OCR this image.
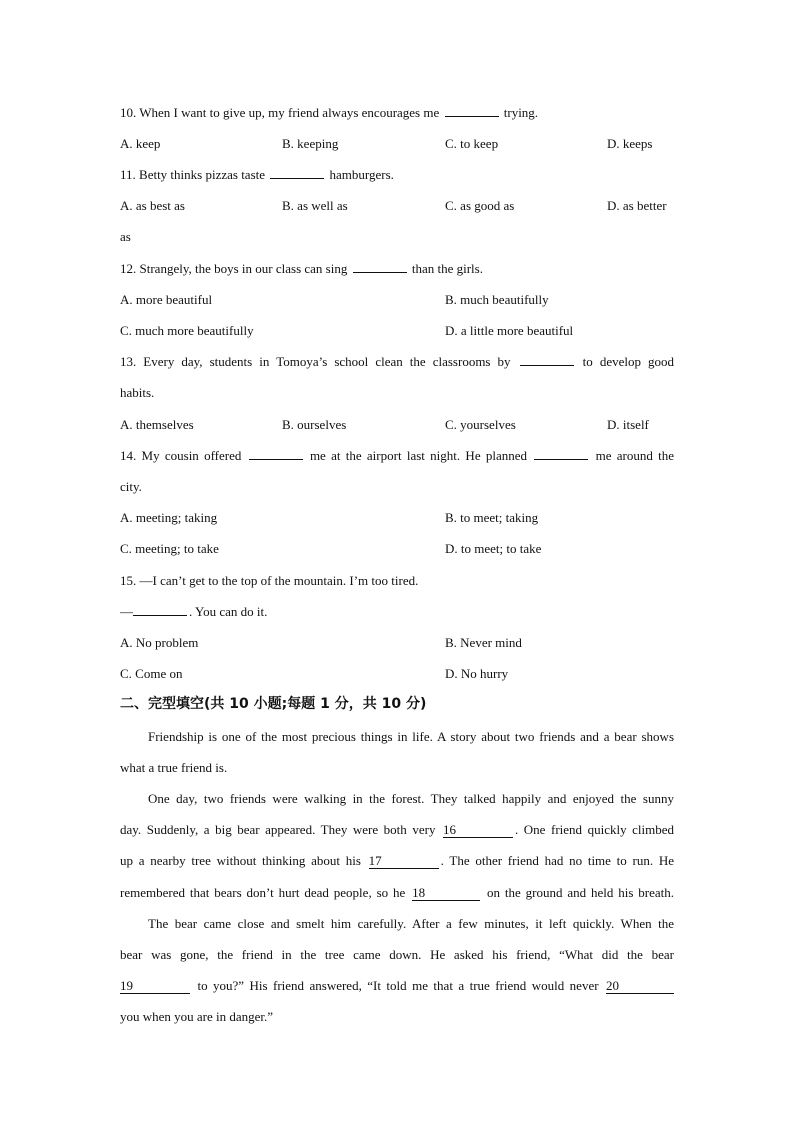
10. When I want to give up, my friend always encourages me	trying.
A. keep	B. keeping	C. to keep	D. keeps
11. Betty thinks pizzas taste	hamburgers.
A. as best as	B. as well as	C. as good as	D. as better
as
12. Strangely, the boys in our class can sing	than the girls.
A. more beautiful	B. much beautifully
C. much more beautifully	D. a little more beautiful
13. Every day, students in Tomoya’s school clean the classrooms by	to develop good
habits.
A. themselves	B. ourselves	C. yourselves	D. itself
14. My cousin offered	me at the airport last night. He planned	me around the
city.
A. meeting; taking	B. to meet; taking
C. meeting; to take	D. to meet; to take
15. —I can’t get to the top of the mountain. I’m too tired.
—	. You can do it.
A. No problem	B. Never mind
C. Come on	D. No hurry
二、完型填空(共 10 小题;每题 1 分，共 10 分)
Friendship is one of the most precious things in life. A story about two friends and a bear shows
what a true friend is.
One day, two friends were walking in the forest. They talked happily and enjoyed the sunny
day. Suddenly, a big bear appeared. They were both very 16	. One friend quickly climbed
up a nearby tree without thinking about his 17	. The other friend had no time to run. He
remembered that bears don’t hurt dead people, so he 18	on the ground and held his breath.
The bear came close and smelt him carefully. After a few minutes, it left quickly. When the
bear was gone, the friend in the tree came down. He asked his friend, “What did the bear
19	to you?” His friend answered, “It told me that a true friend would never 20
you when you are in danger.”
